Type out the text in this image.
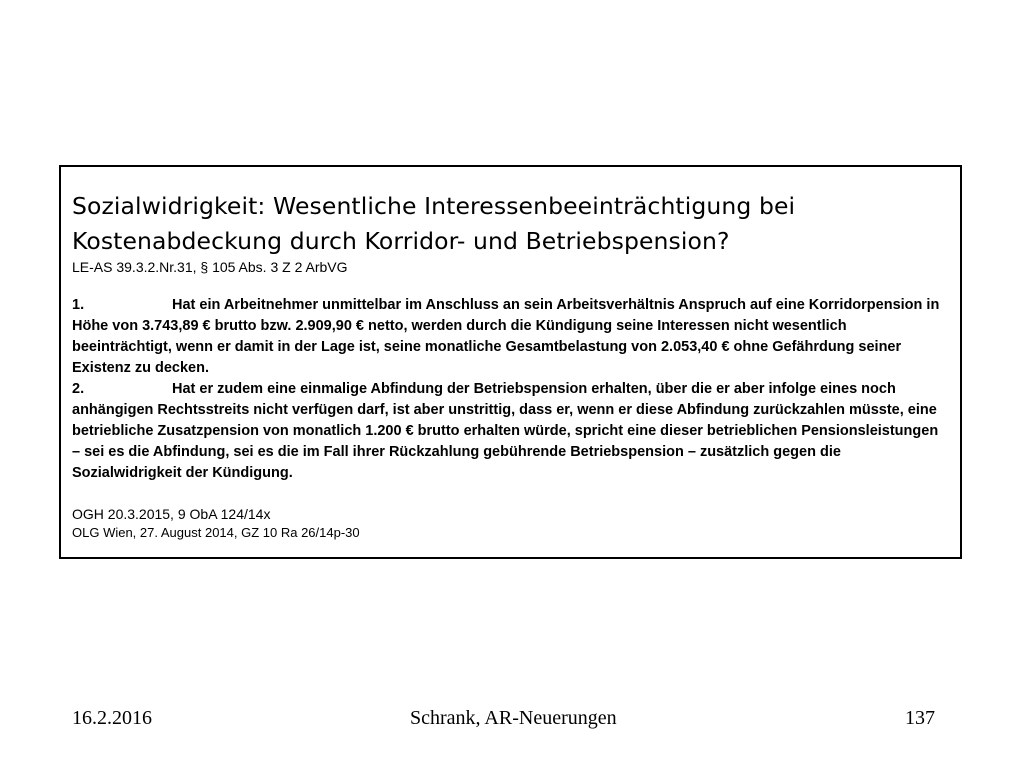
Sozialwidrigkeit: Wesentliche Interessenbeeinträchtigung bei
Kostenabdeckung durch Korridor- und Betriebspension?

LE-AS 39.3.2.Nr.31, § 105 Abs. 3 Z 2 ArbVG

1.	Hat ein Arbeitnehmer unmittelbar im Anschluss an sein Arbeitsverhältnis Anspruch auf eine Korridorpension in Höhe von 3.743,89 € brutto bzw. 2.909,90 € netto, werden durch die Kündigung seine Interessen nicht wesentlich beeinträchtigt, wenn er damit in der Lage ist, seine monatliche Gesamtbelastung von 2.053,40 € ohne Gefährdung seiner Existenz zu decken.

2.	Hat er zudem eine einmalige Abfindung der Betriebspension erhalten, über die er aber infolge eines noch anhängigen Rechtsstreits nicht verfügen darf, ist aber unstrittig, dass er, wenn er diese Abfindung zurückzahlen müsste, eine betriebliche Zusatzpension von monatlich 1.200 € brutto erhalten würde, spricht eine dieser betrieblichen Pensionsleistungen – sei es die Abfindung, sei es die im Fall ihrer Rückzahlung gebührende Betriebspension – zusätzlich gegen die Sozialwidrigkeit der Kündigung.

OGH 20.3.2015, 9 ObA 124/14x

OLG Wien, 27. August 2014, GZ 10 Ra 26/14p-30

16.2.2016	Schrank, AR-Neuerungen	137
